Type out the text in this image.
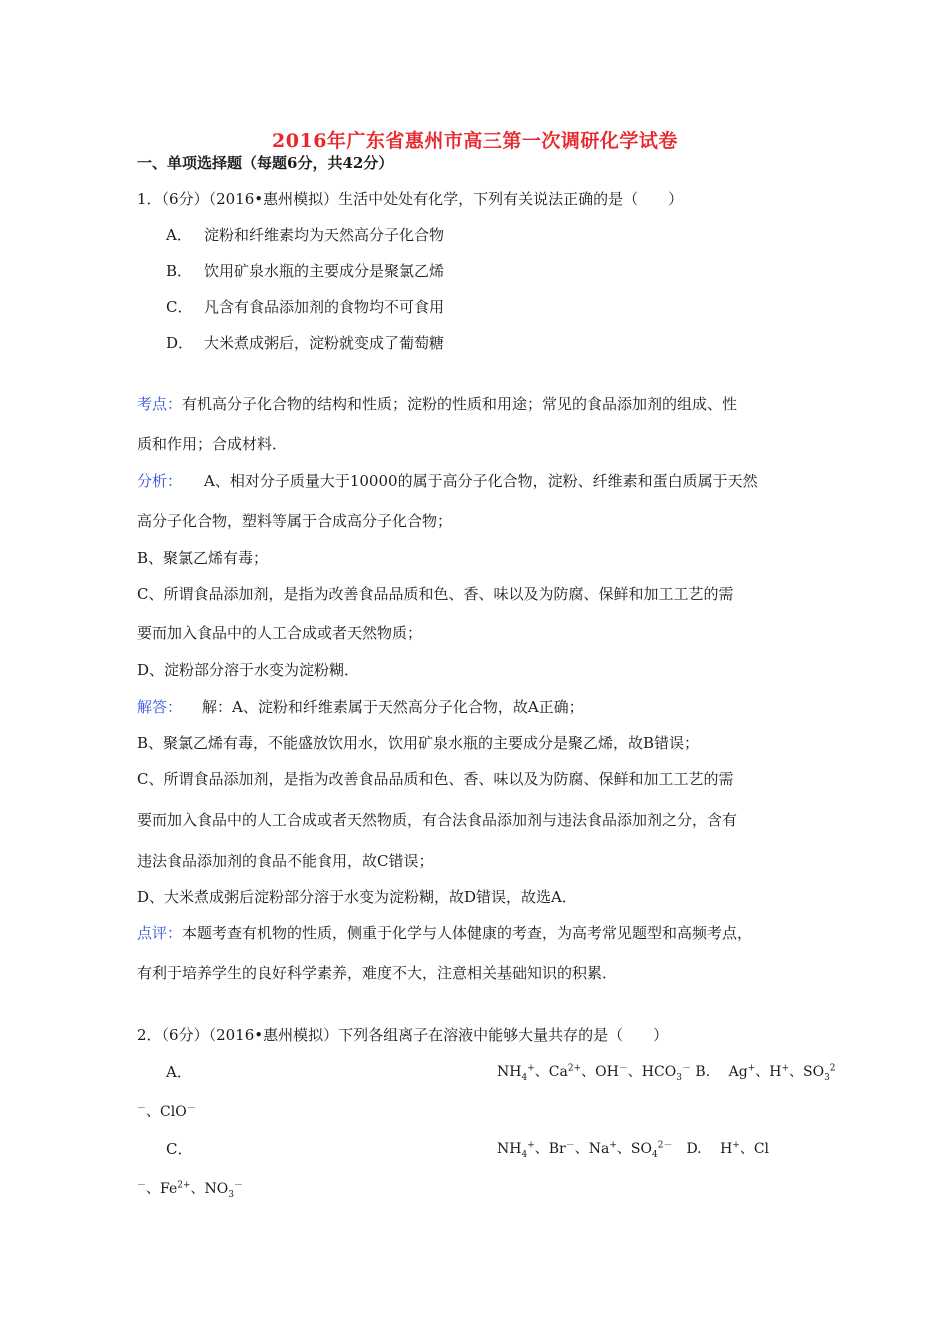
2016年广东省惠州市高三第一次调研化学试卷
一、单项选择题（每题6分，共42分）
1．（6分）（2016•惠州模拟）生活中处处有化学，下列有关说法正确的是（　　）
A． 淀粉和纤维素均为天然高分子化合物
B． 饮用矿泉水瓶的主要成分是聚氯乙烯
C． 凡含有食品添加剂的食物均不可食用
D． 大米煮成粥后，淀粉就变成了葡萄糖
考点：有机高分子化合物的结构和性质；淀粉的性质和用途；常见的食品添加剂的组成、性
质和作用；合成材料．
分析： A、相对分子质量大于10000的属于高分子化合物，淀粉、纤维素和蛋白质属于天然
高分子化合物，塑料等属于合成高分子化合物；
B、聚氯乙烯有毒；
C、所谓食品添加剂，是指为改善食品品质和色、香、味以及为防腐、保鲜和加工工艺的需
要而加入食品中的人工合成或者天然物质；
D、淀粉部分溶于水变为淀粉糊．
解答： 解：A、淀粉和纤维素属于天然高分子化合物，故A正确；
B、聚氯乙烯有毒，不能盛放饮用水，饮用矿泉水瓶的主要成分是聚乙烯，故B错误；
C、所谓食品添加剂，是指为改善食品品质和色、香、味以及为防腐、保鲜和加工工艺的需
要而加入食品中的人工合成或者天然物质，有合法食品添加剂与违法食品添加剂之分，含有
违法食品添加剂的食品不能食用，故C错误；
D、大米煮成粥后淀粉部分溶于水变为淀粉糊，故D错误，故选A．
点评：本题考查有机物的性质，侧重于化学与人体健康的考查，为高考常见题型和高频考点，
有利于培养学生的良好科学素养，难度不大，注意相关基础知识的积累．
2．（6分）（2016•惠州模拟）下列各组离子在溶液中能够大量共存的是（　　）
A．	$NH_4^+$、$Ca^{2+}$、OH－、$HCO_3^-$ B.　 Ag+、H+、$SO_3^2$
－、ClO－
C．	$NH_4^+$、Br－、Na+、$SO_4^{2-}$　D.　 H+、Cl
－、$Fe^{2+}$、$NO_3^-$
